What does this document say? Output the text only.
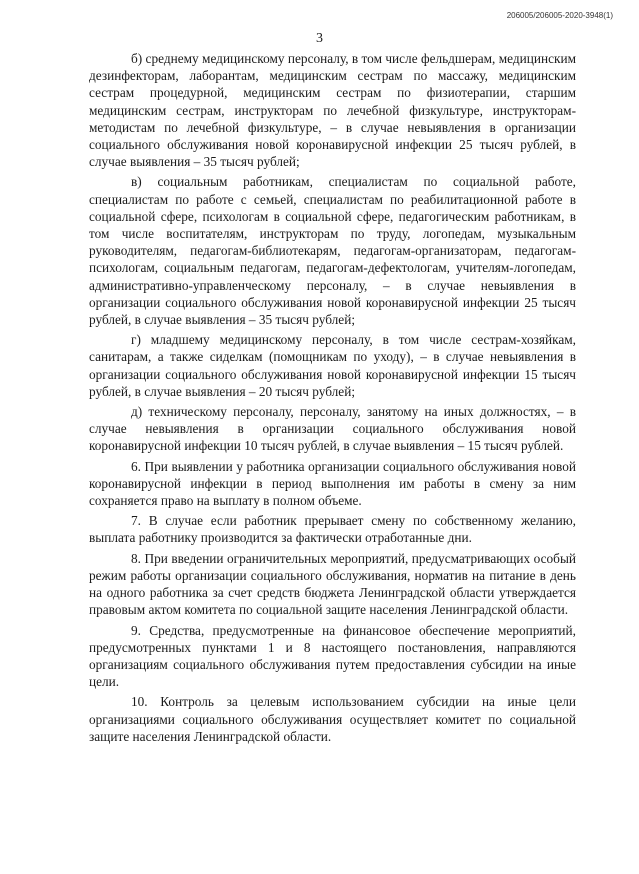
206005/206005-2020-3948(1)
3

б) среднему медицинскому персоналу, в том числе фельдшерам, медицинским дезинфекторам, лаборантам, медицинским сестрам по массажу, медицинским сестрам процедурной, медицинским сестрам по физиотерапии, старшим медицинским сестрам, инструкторам по лечебной физкультуре, инструкторам-методистам по лечебной физкультуре, – в случае невыявления в организации социального обслуживания новой коронавирусной инфекции 25 тысяч рублей, в случае выявления – 35 тысяч рублей;

в) социальным работникам, специалистам по социальной работе, специалистам по работе с семьей, специалистам по реабилитационной работе в социальной сфере, психологам в социальной сфере, педагогическим работникам, в том числе воспитателям, инструкторам по труду, логопедам, музыкальным руководителям, педагогам-библиотекарям, педагогам-организаторам, педагогам-психологам, социальным педагогам, педагогам-дефектологам, учителям-логопедам, административно-управленческому персоналу, – в случае невыявления в организации социального обслуживания новой коронавирусной инфекции 25 тысяч рублей, в случае выявления – 35 тысяч рублей;

г) младшему медицинскому персоналу, в том числе сестрам-хозяйкам, санитарам, а также сиделкам (помощникам по уходу), – в случае невыявления в организации социального обслуживания новой коронавирусной инфекции 15 тысяч рублей, в случае выявления – 20 тысяч рублей;

д) техническому персоналу, персоналу, занятому на иных должностях, – в случае невыявления в организации социального обслуживания новой коронавирусной инфекции 10 тысяч рублей, в случае выявления – 15 тысяч рублей.

6. При выявлении у работника организации социального обслуживания новой коронавирусной инфекции в период выполнения им работы в смену за ним сохраняется право на выплату в полном объеме.

7. В случае если работник прерывает смену по собственному желанию, выплата работнику производится за фактически отработанные дни.

8. При введении ограничительных мероприятий, предусматривающих особый режим работы организации социального обслуживания, норматив на питание в день на одного работника за счет средств бюджета Ленинградской области утверждается правовым актом комитета по социальной защите населения Ленинградской области.

9. Средства, предусмотренные на финансовое обеспечение мероприятий, предусмотренных пунктами 1 и 8 настоящего постановления, направляются организациям социального обслуживания путем предоставления субсидии на иные цели.

10. Контроль за целевым использованием субсидии на иные цели организациями социального обслуживания осуществляет комитет по социальной защите населения Ленинградской области.
